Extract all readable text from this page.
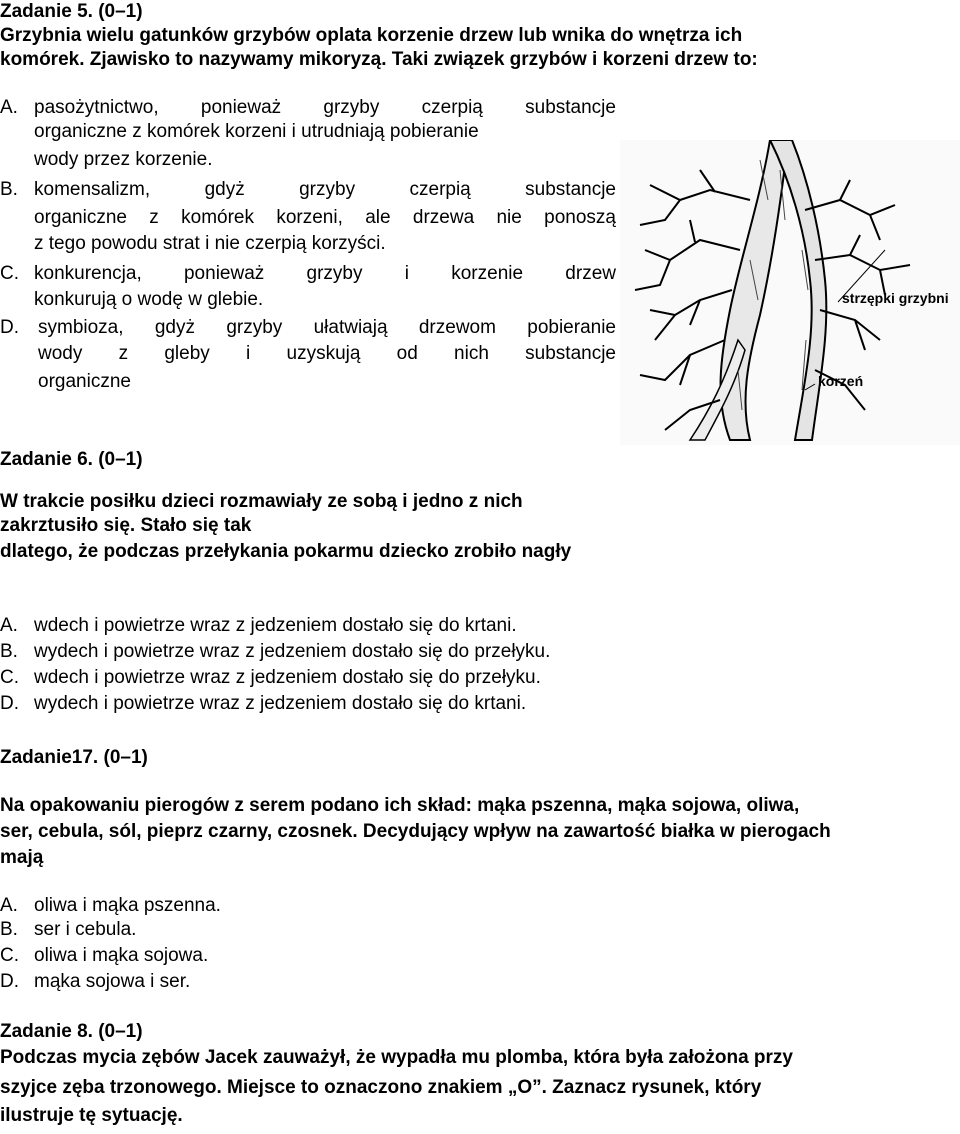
Zadanie 5. (0–1)
Grzybnia wielu gatunków grzybów oplata korzenie drzew lub wnika do wnętrza ich
komórek. Zjawisko to nazywamy mikoryzą. Taki związek grzybów i korzeni drzew to:
A. pasożytnictwo, ponieważ grzyby czerpią substancje
organiczne z komórek korzeni i utrudniają pobieranie
wody przez korzenie.
B. komensalizm, gdyż grzyby czerpią substancje
organiczne z komórek korzeni, ale drzewa nie ponoszą
z tego powodu strat i nie czerpią korzyści.
C. konkurencja, ponieważ grzyby i korzenie drzew
konkurują o wodę w glebie.
D.	symbioza, gdyż grzyby ułatwiają drzewom pobieranie
wody z gleby i uzyskują od nich substancje
organiczne
strzępki grzybni
korzeń
Zadanie 6. (0–1)
W trakcie posiłku dzieci rozmawiały ze sobą i jedno z nich
zakrztusiło się. Stało się tak
dlatego, że podczas przełykania pokarmu dziecko zrobiło nagły
A. wdech i powietrze wraz z jedzeniem dostało się do krtani.
B. wydech i powietrze wraz z jedzeniem dostało się do przełyku.
C. wdech i powietrze wraz z jedzeniem dostało się do przełyku.
D. wydech i powietrze wraz z jedzeniem dostało się do krtani.
Zadanie17. (0–1)
Na opakowaniu pierogów z serem podano ich skład: mąka pszenna, mąka sojowa, oliwa,
ser, cebula, sól, pieprz czarny, czosnek. Decydujący wpływ na zawartość białka w pierogach
mają
A. oliwa i mąka pszenna.
B. ser i cebula.
C. oliwa i mąka sojowa.
D. mąka sojowa i ser.
Zadanie 8. (0–1)
Podczas mycia zębów Jacek zauważył, że wypadła mu plomba, która była założona przy
szyjce zęba trzonowego. Miejsce to oznaczono znakiem „O”. Zaznacz rysunek, który
ilustruje tę sytuację.
